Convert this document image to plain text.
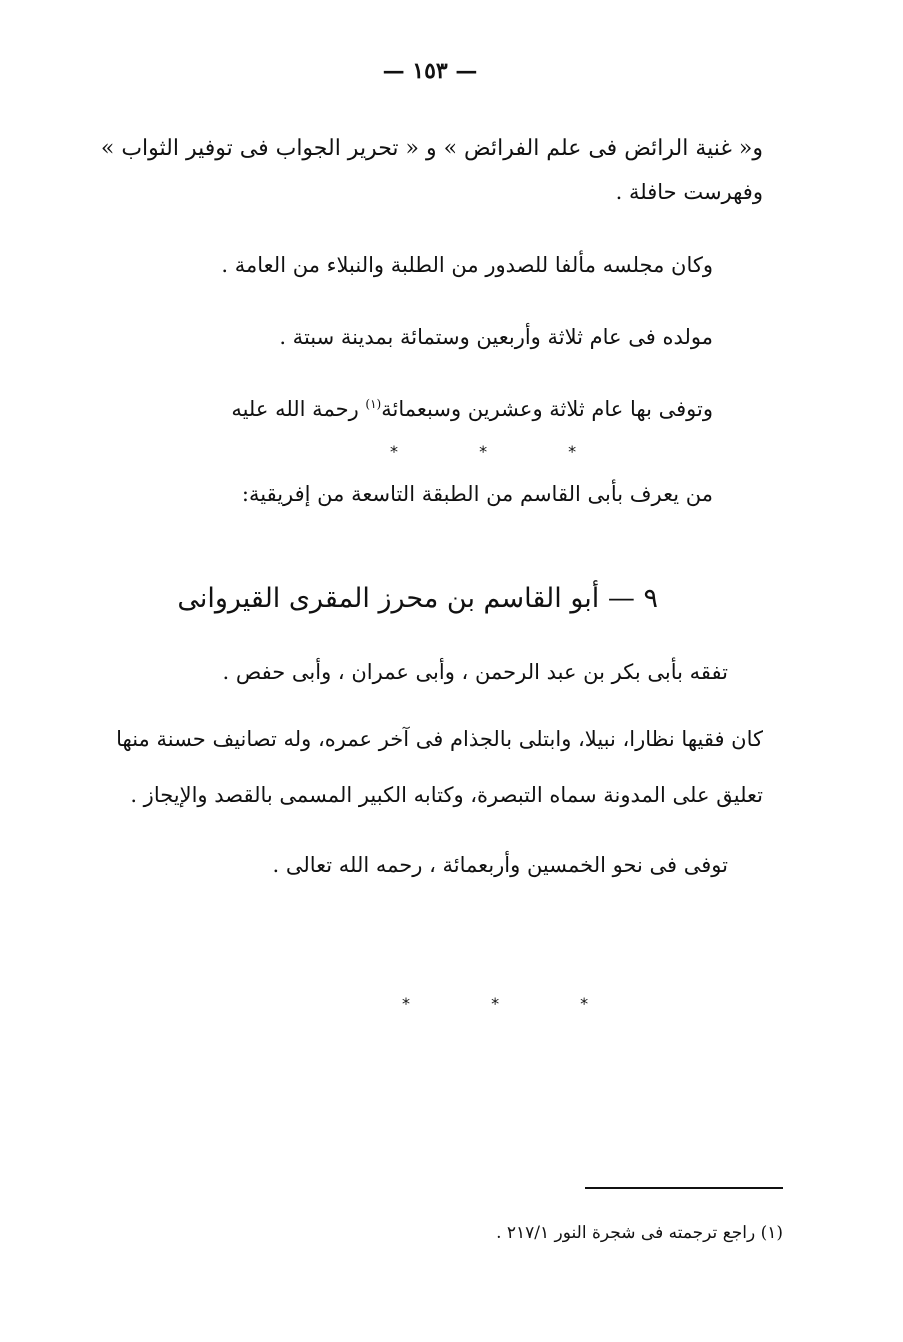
— ١٥٣ —
و« غنية الرائض فى علم الفرائض » و « تحرير الجواب فى توفير الثواب »
وفهرست حافلة .
وكان مجلسه مألفا للصدور من الطلبة والنبلاء من العامة .
مولده فى عام ثلاثة وأربعين وستمائة بمدينة سبتة .
وتوفى بها عام ثلاثة وعشرين وسبعمائة$^{(١)}$ رحمة الله عليه
* * *
من يعرف بأبى القاسم من الطبقة التاسعة من إفريقية:
٩ — أبو القاسم بن محرز المقرى القيروانى
تفقه بأبى بكر بن عبد الرحمن ، وأبى عمران ، وأبى حفص .
كان فقيها نظارا، نبيلا، وابتلى بالجذام فى آخر عمره، وله تصانيف حسنة منها
تعليق على المدونة سماه التبصرة، وكتابه الكبير المسمى بالقصد والإيجاز .
توفى فى نحو الخمسين وأربعمائة ، رحمه الله تعالى .
* * *
(١) راجع ترجمته فى شجرة النور ٢١٧/١ .
